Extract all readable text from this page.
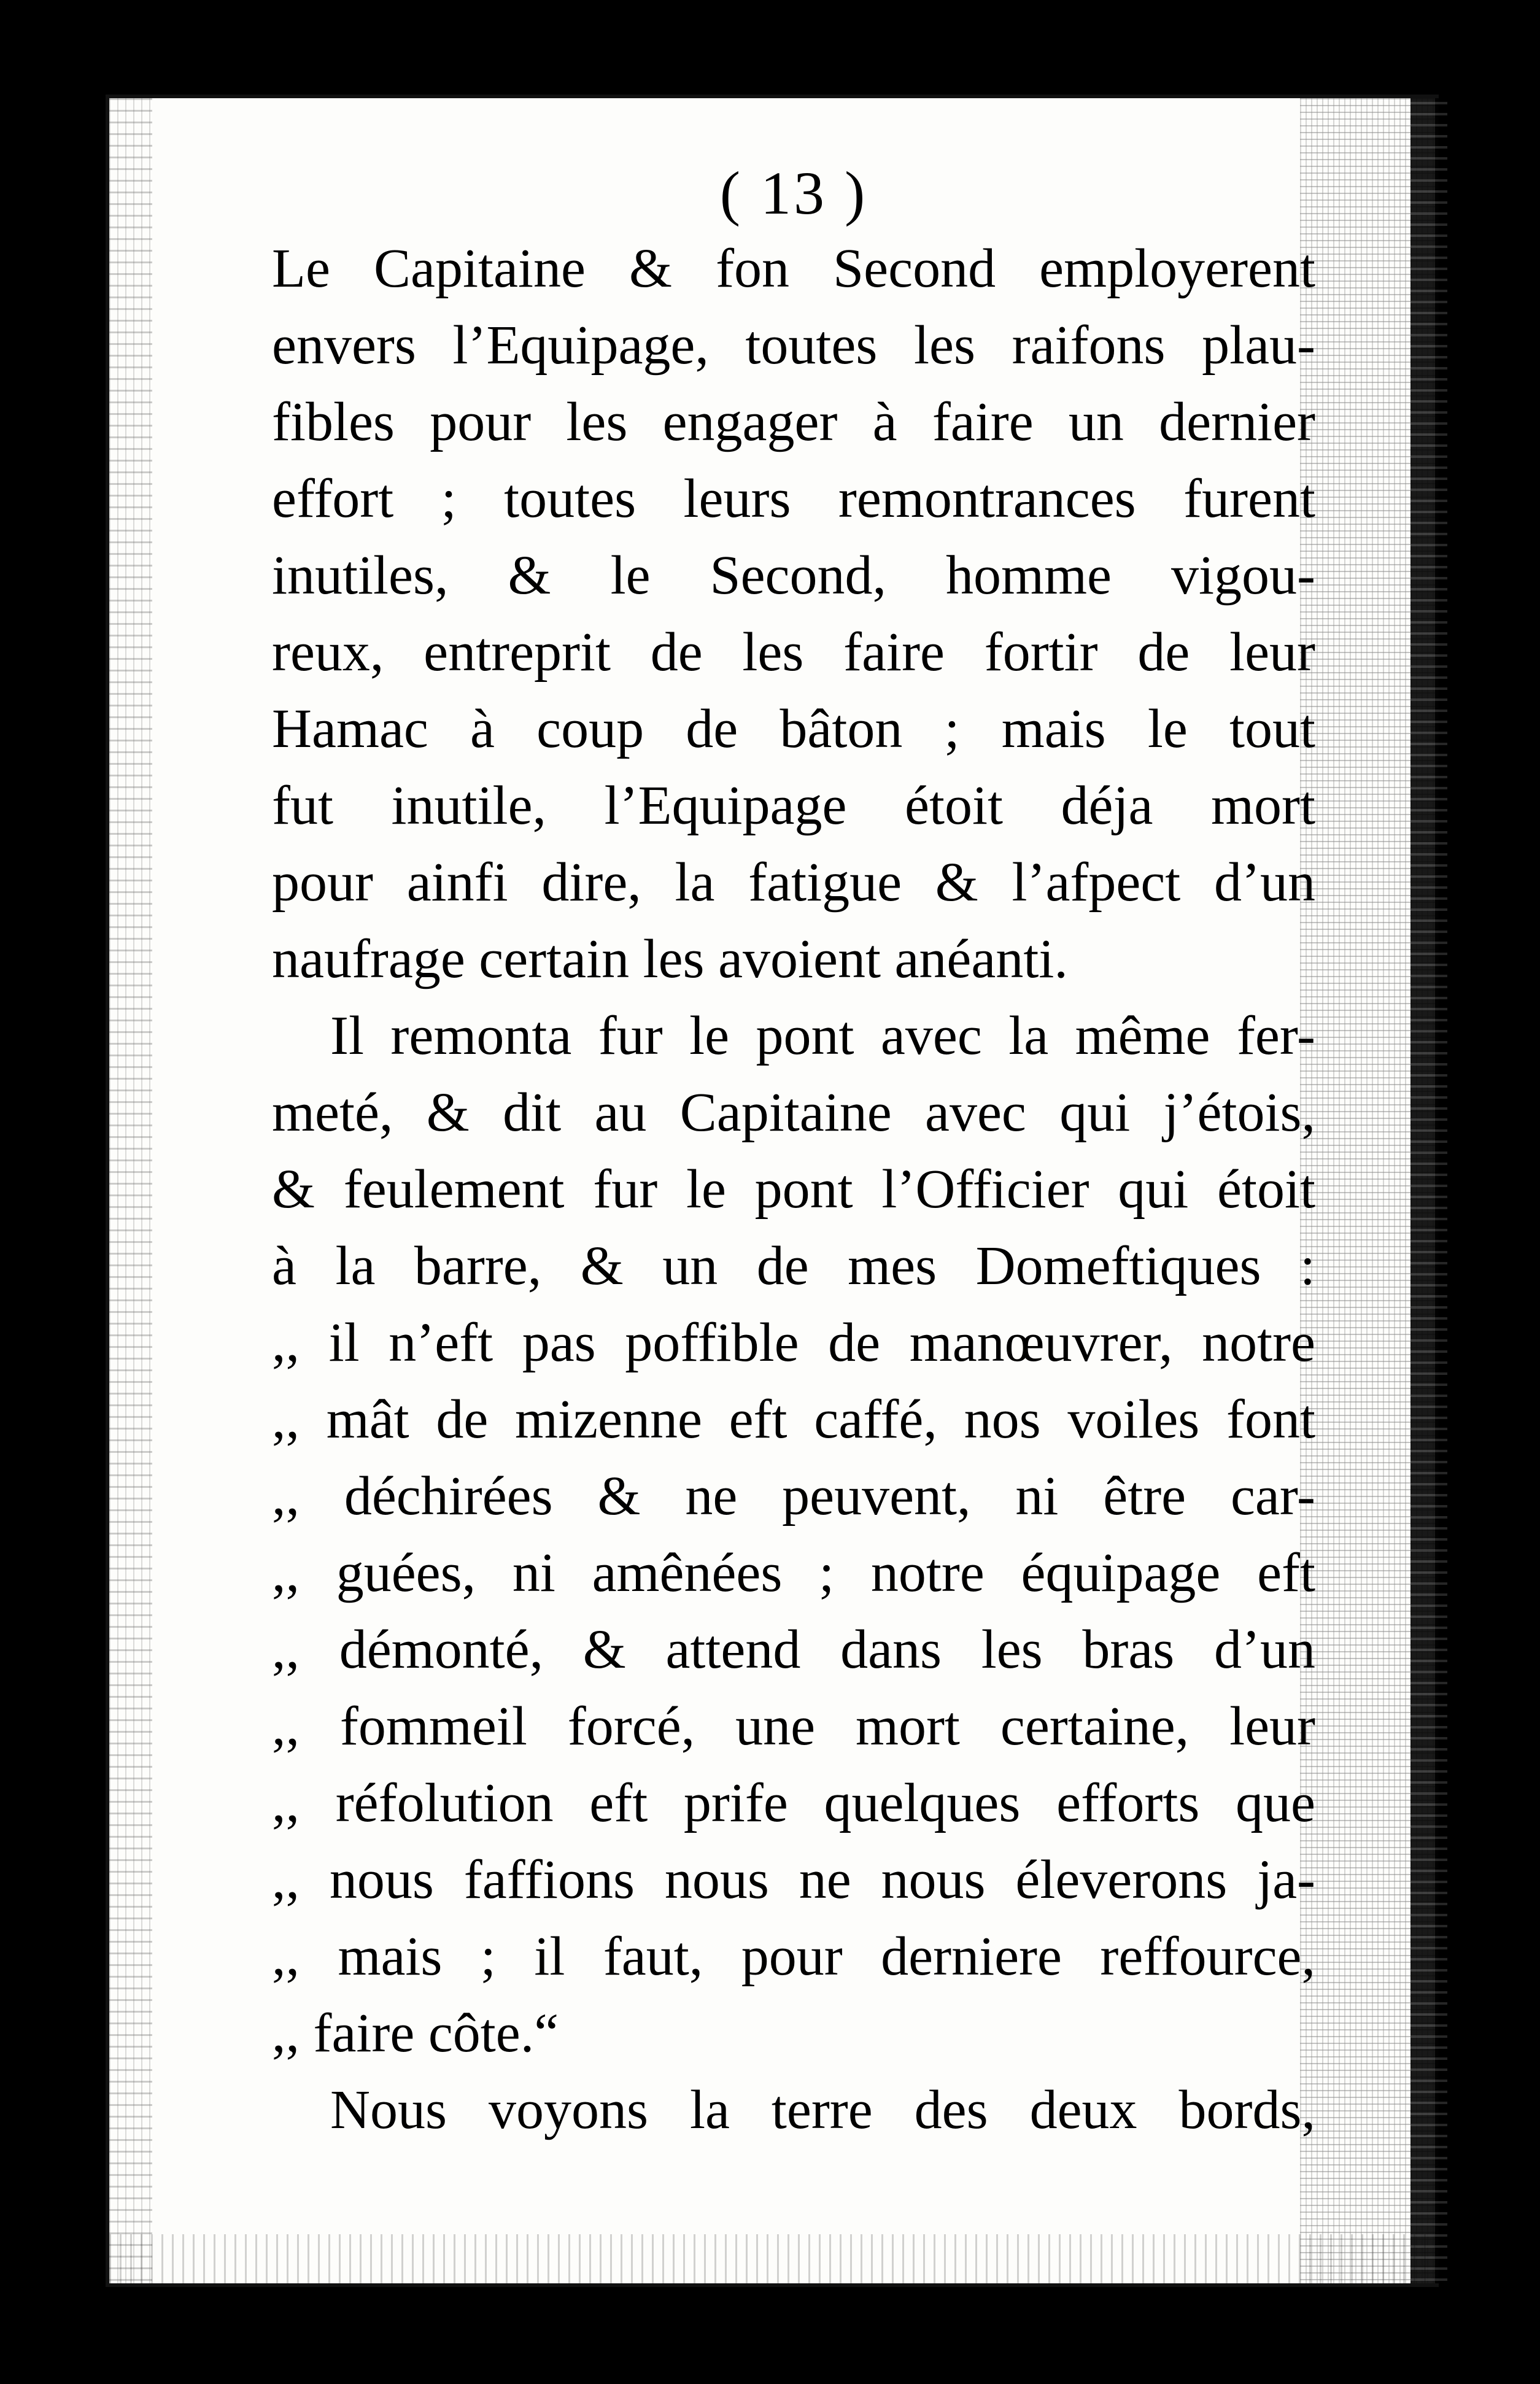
( 13 )
Le Capitaine & fon Second employerent
envers l’Equipage, toutes les raifons plau-
fibles pour les engager à faire un dernier
effort ; toutes leurs remontrances furent
inutiles, & le Second, homme vigou-
reux, entreprit de les faire fortir de leur
Hamac à coup de bâton ; mais le tout
fut inutile, l’Equipage étoit déja mort
pour ainfi dire, la fatigue & l’afpect d’un
naufrage certain les avoient anéanti.
Il remonta fur le pont avec la même fer-
meté, & dit au Capitaine avec qui j’étois,
& feulement fur le pont l’Officier qui étoit
à la barre, & un de mes Domeftiques :
,, il n’eft pas poffible de manœuvrer, notre
,, mât de mizenne eft caffé, nos voiles font
,, déchirées & ne peuvent, ni être car-
,, guées, ni amênées ; notre équipage eft
,, démonté, & attend dans les bras d’un
,, fommeil forcé, une mort certaine, leur
,, réfolution eft prife quelques efforts que
,, nous faffions nous ne nous éleverons ja-
,, mais ; il faut, pour derniere reffource,
,, faire côte.“
Nous voyons la terre des deux bords,
